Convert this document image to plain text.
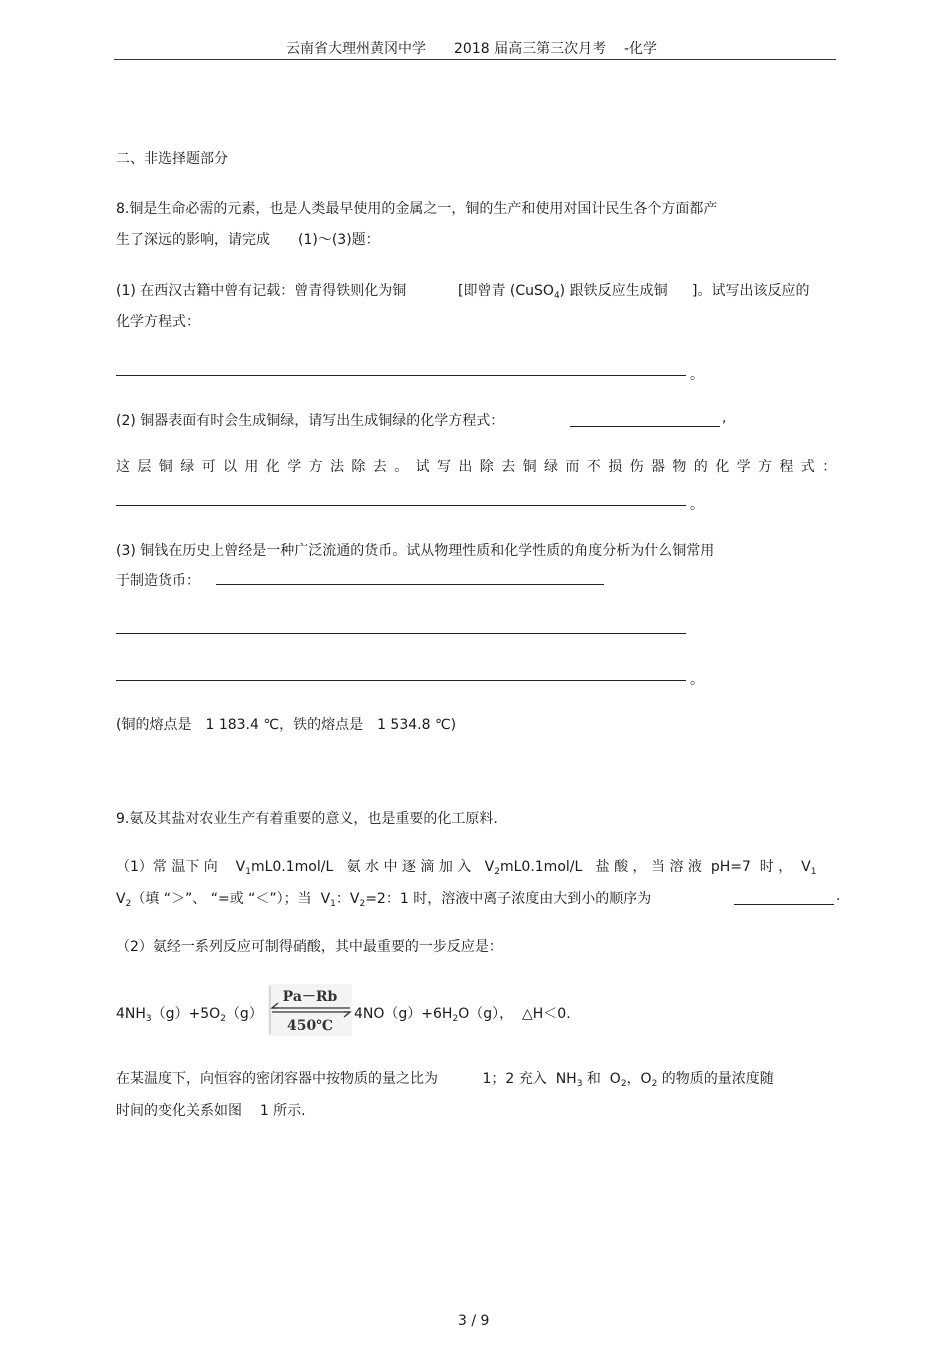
云南省大理州黄冈中学 2018 届高三第三次月考 -化学
二、非选择题部分
8.铜是生命必需的元素，也是人类最早使用的金属之一，铜的生产和使用对国计民生各个方面都产
生了深远的影响，请完成 (1)～(3)题：
(1) 在西汉古籍中曾有记载：曾青得铁则化为铜	[即曾青 (CuSO$_4$) 跟铁反应生成铜 ]。试写出该反应的
化学方程式：
。
(2) 铜器表面有时会生成铜绿，请写出生成铜绿的化学方程式：	,
这层铜绿可以用化学方法除去。试写出除去铜绿而不损伤器物的化学方程式：
。
(3) 铜钱在历史上曾经是一种广泛流通的货币。试从物理性质和化学性质的角度分析为什么铜常用
于制造货币：
。
(铜的熔点是　1 183.4 ℃，铁的熔点是　1 534.8 ℃)
9.氨及其盐对农业生产有着重要的意义，也是重要的化工原料.
（1）常 温下 向 $V_1mL0.1mol/L$ 氨 水 中 逐 滴 加 入 $V_2mL0.1mol/L$ 盐 酸 ， 当 溶 液 pH=7 时 ， $V_1$
$V_2$（填 “＞”、 “=或 “＜”）；当 $V_1$：$V_2=2$：1 时，溶液中离子浓度由大到小的顺序为	.
（2）氨经一系列反应可制得硝酸，其中最重要的一步反应是：
$4NH_3(g)+5O_2(g)$
Pa－Rb
450℃
$4NO(g)+6H_2O(g)$， △H＜0.
在某温度下，向恒容的密闭容器中按物质的量之比为	1；2 充入 $NH_3$ 和 $O_2$，$O_2$ 的物质的量浓度随
时间的变化关系如图 1 所示.
3 / 9
